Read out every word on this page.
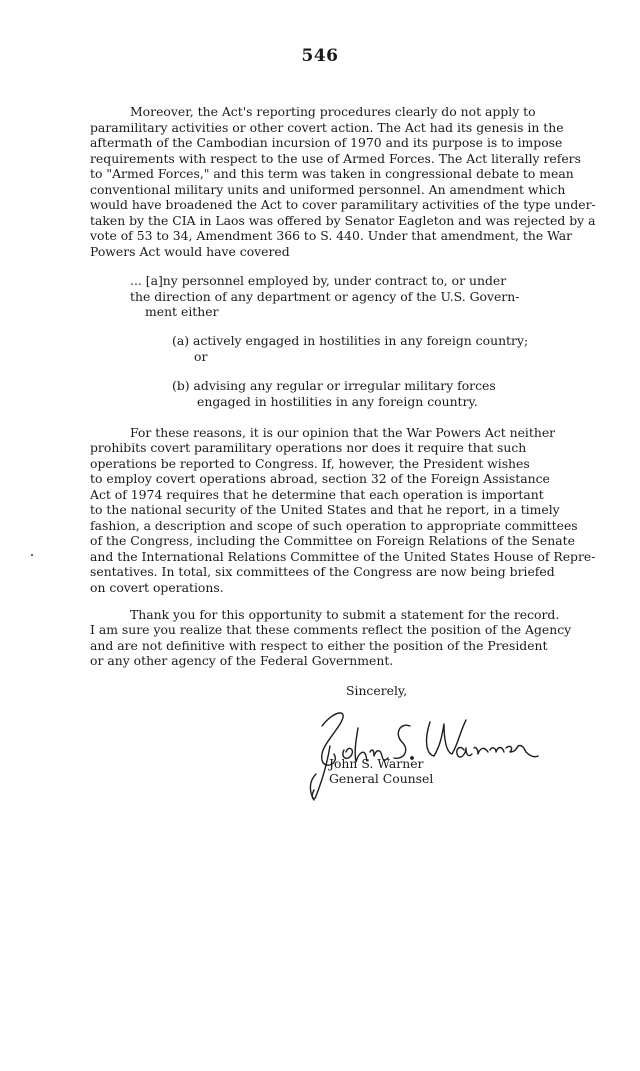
546
Moreover, the Act's reporting procedures clearly do not apply to
paramilitary activities or other covert action. The Act had its genesis in the
aftermath of the Cambodian incursion of 1970 and its purpose is to impose
requirements with respect to the use of Armed Forces. The Act literally refers
to "Armed Forces," and this term was taken in congressional debate to mean
conventional military units and uniformed personnel. An amendment which
would have broadened the Act to cover paramilitary activities of the type under-
taken by the CIA in Laos was offered by Senator Eagleton and was rejected by a
vote of 53 to 34, Amendment 366 to S. 440. Under that amendment, the War
Powers Act would have covered
... [a]ny personnel employed by, under contract to, or under
the direction of any department or agency of the U.S. Govern-
ment either
(a) actively engaged in hostilities in any foreign country;
or
(b) advising any regular or irregular military forces
engaged in hostilities in any foreign country.
For these reasons, it is our opinion that the War Powers Act neither
prohibits covert paramilitary operations nor does it require that such
operations be reported to Congress. If, however, the President wishes
to employ covert operations abroad, section 32 of the Foreign Assistance
Act of 1974 requires that he determine that each operation is important
to the national security of the United States and that he report, in a timely
fashion, a description and scope of such operation to appropriate committees
of the Congress, including the Committee on Foreign Relations of the Senate
and the International Relations Committee of the United States House of Repre-
sentatives. In total, six committees of the Congress are now being briefed
on covert operations.
Thank you for this opportunity to submit a statement for the record.
I am sure you realize that these comments reflect the position of the Agency
and are not definitive with respect to either the position of the President
or any other agency of the Federal Government.
Sincerely,
John S. Warner
General Counsel
